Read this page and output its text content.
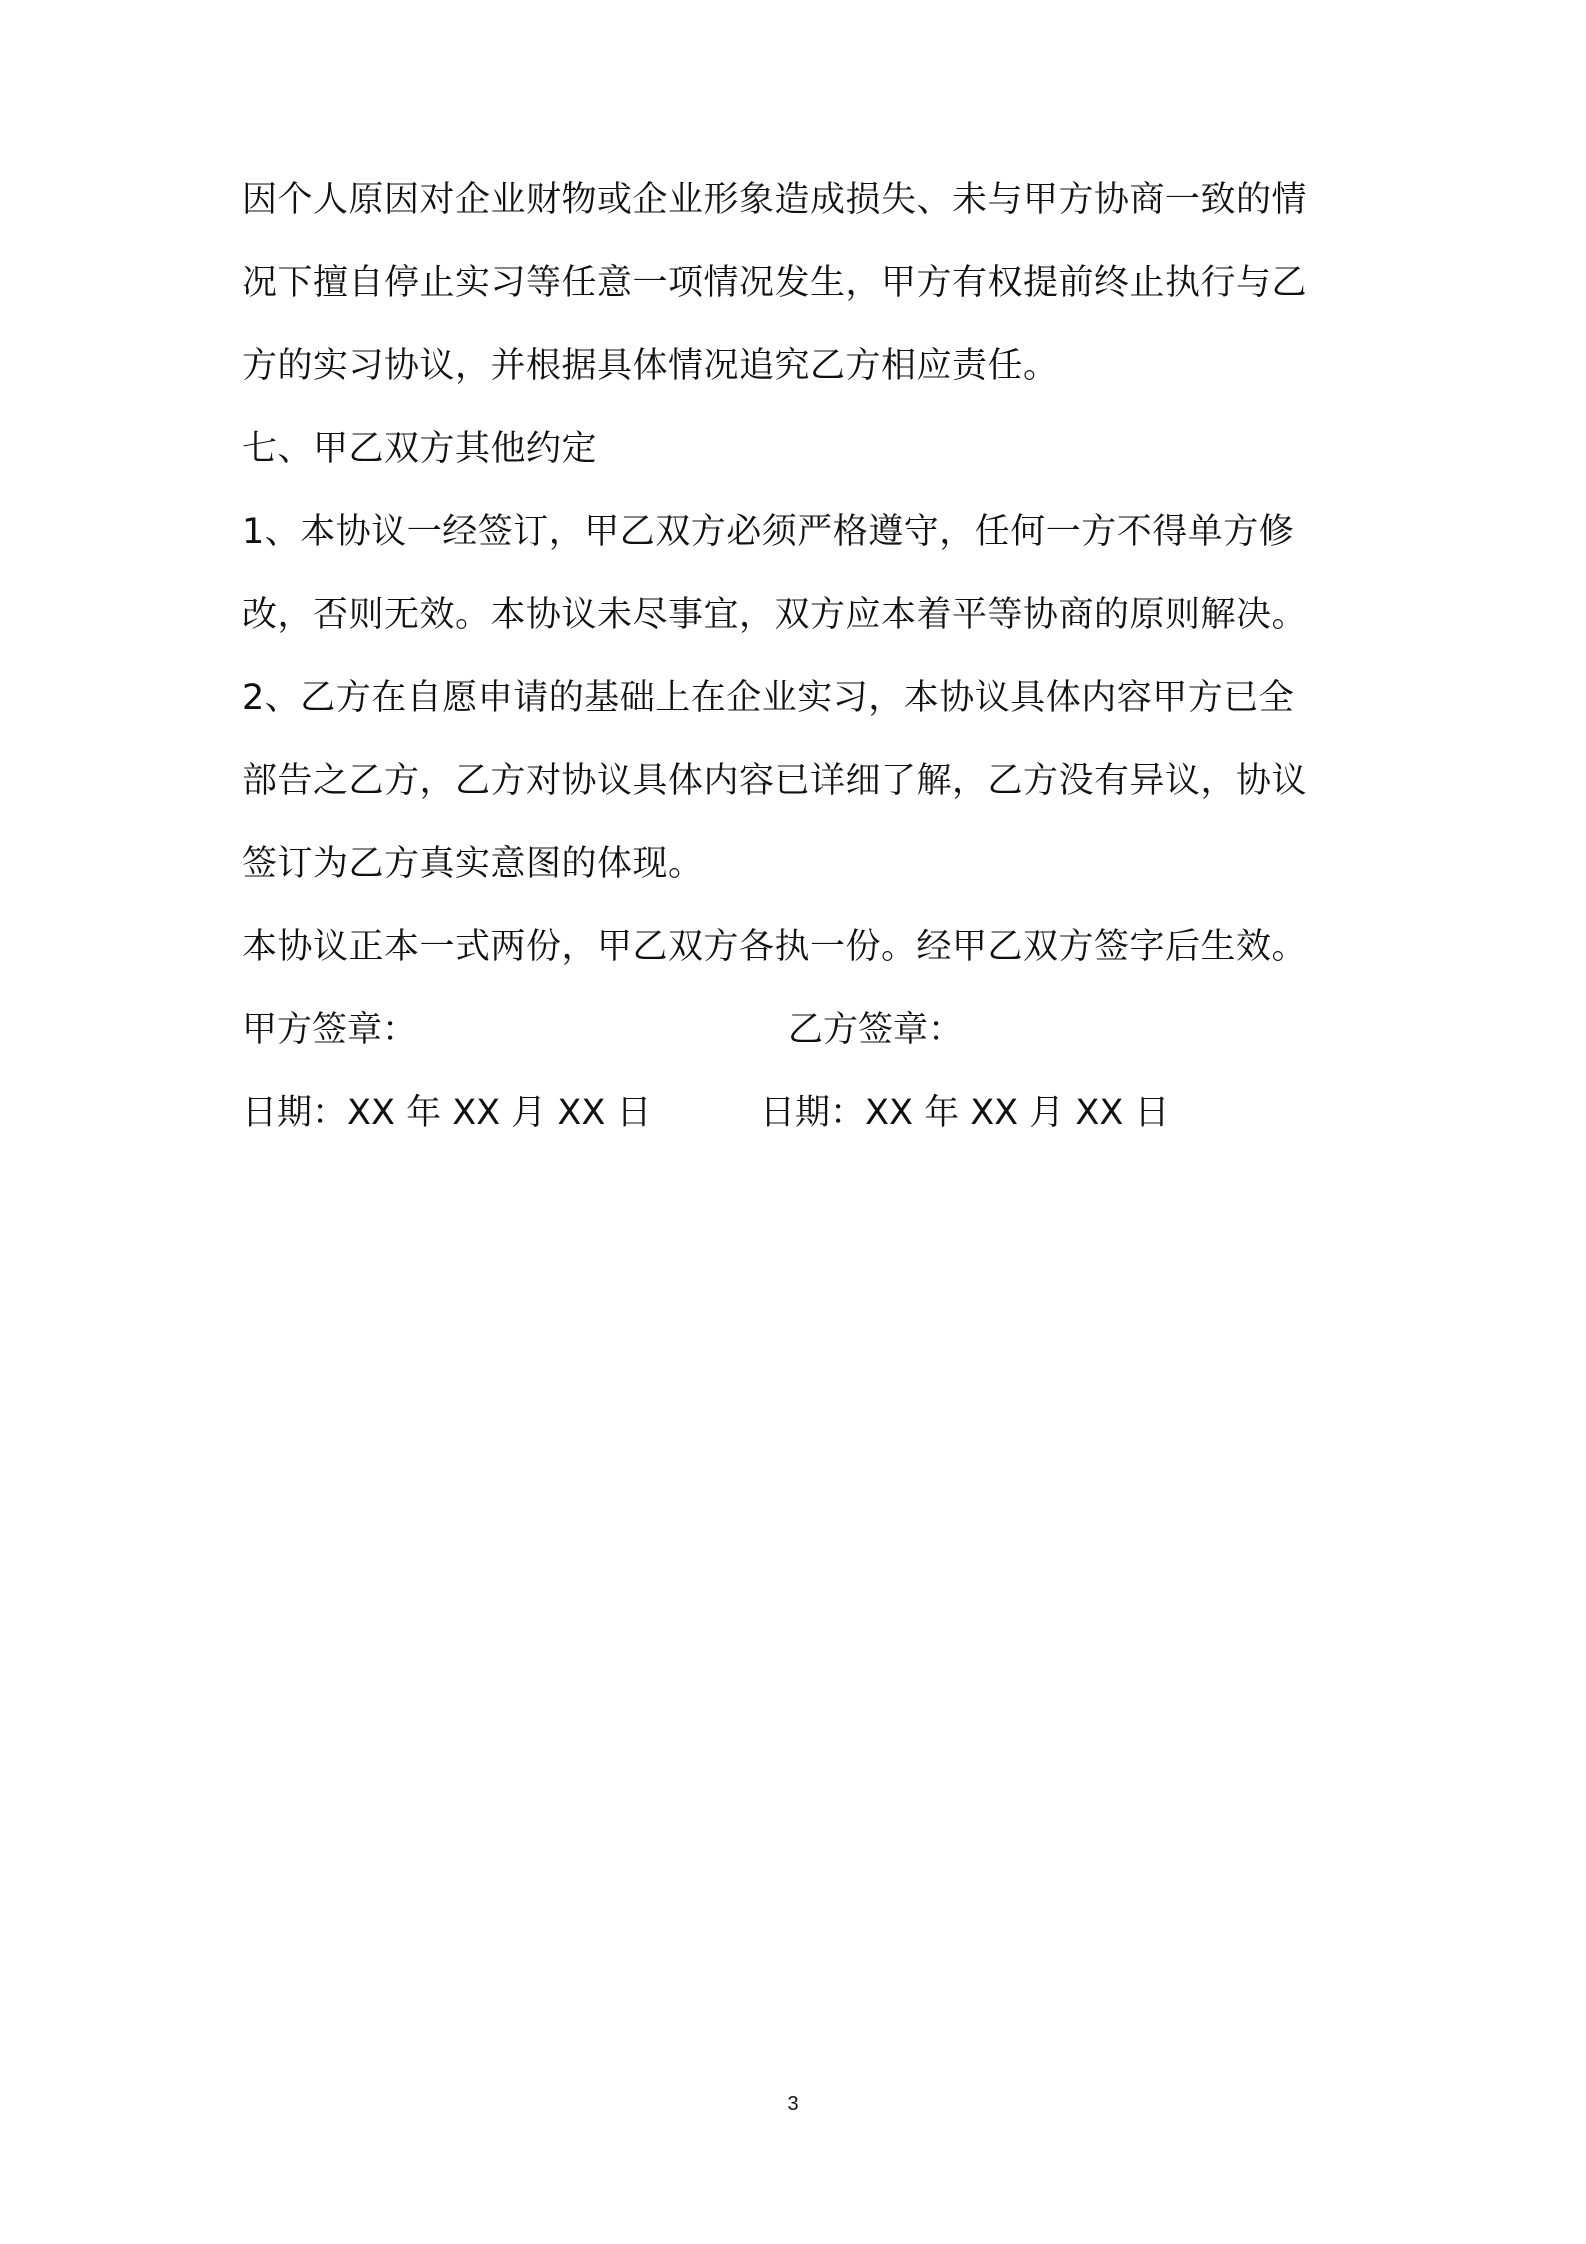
因个人原因对企业财物或企业形象造成损失、未与甲方协商一致的情
况下擅自停止实习等任意一项情况发生，甲方有权提前终止执行与乙
方的实习协议，并根据具体情况追究乙方相应责任。
七、甲乙双方其他约定
1、本协议一经签订，甲乙双方必须严格遵守，任何一方不得单方修
改，否则无效。本协议未尽事宜，双方应本着平等协商的原则解决。
2、乙方在自愿申请的基础上在企业实习，本协议具体内容甲方已全
部告之乙方，乙方对协议具体内容已详细了解，乙方没有异议，协议
签订为乙方真实意图的体现。
本协议正本一式两份，甲乙双方各执一份。经甲乙双方签字后生效。
甲方签章：	乙方签章：
日期：XX 年 XX 月 XX 日	日期：XX 年 XX 月 XX 日
3
